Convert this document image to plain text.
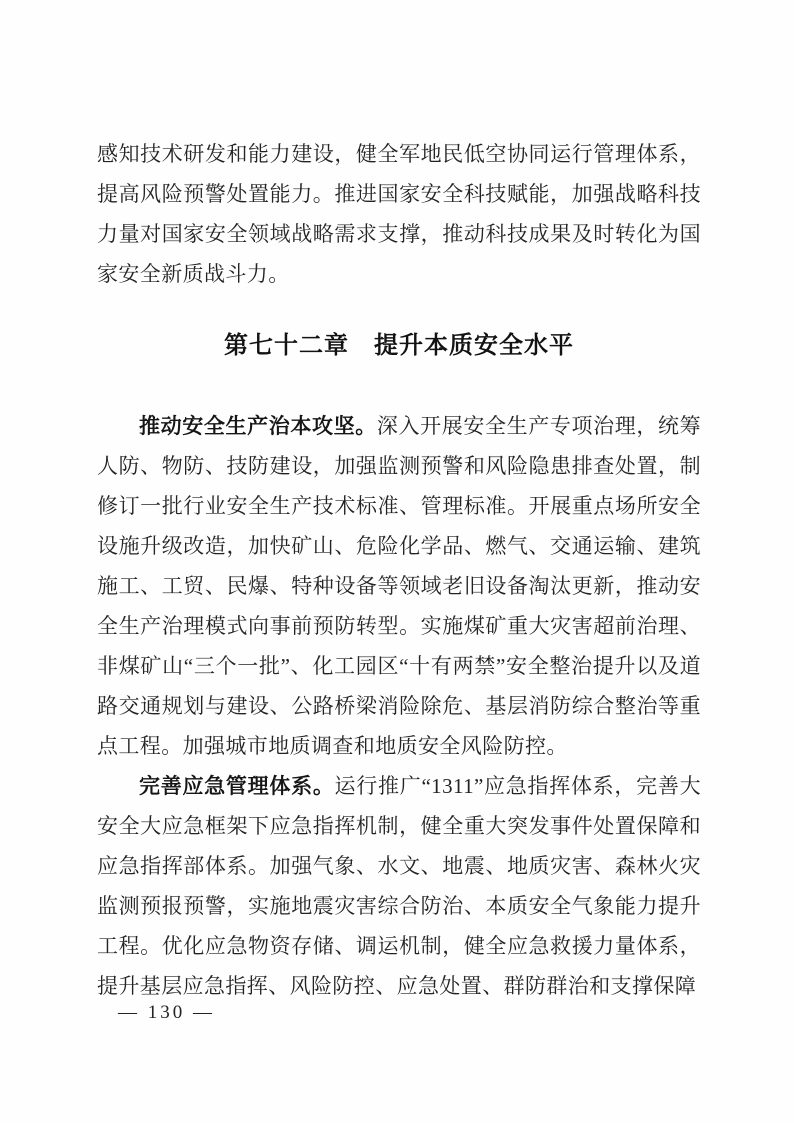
感知技术研发和能力建设，健全军地民低空协同运行管理体系，提高风险预警处置能力。推进国家安全科技赋能，加强战略科技力量对国家安全领域战略需求支撑，推动科技成果及时转化为国家安全新质战斗力。

第七十二章　提升本质安全水平

推动安全生产治本攻坚。深入开展安全生产专项治理，统筹人防、物防、技防建设，加强监测预警和风险隐患排查处置，制修订一批行业安全生产技术标准、管理标准。开展重点场所安全设施升级改造，加快矿山、危险化学品、燃气、交通运输、建筑施工、工贸、民爆、特种设备等领域老旧设备淘汰更新，推动安全生产治理模式向事前预防转型。实施煤矿重大灾害超前治理、非煤矿山“三个一批”、化工园区“十有两禁”安全整治提升以及道路交通规划与建设、公路桥梁消险除危、基层消防综合整治等重点工程。加强城市地质调查和地质安全风险防控。

完善应急管理体系。运行推广“1311”应急指挥体系，完善大安全大应急框架下应急指挥机制，健全重大突发事件处置保障和应急指挥部体系。加强气象、水文、地震、地质灾害、森林火灾监测预报预警，实施地震灾害综合防治、本质安全气象能力提升工程。优化应急物资存储、调运机制，健全应急救援力量体系，提升基层应急指挥、风险防控、应急处置、群防群治和支撑保障

— 130 —
